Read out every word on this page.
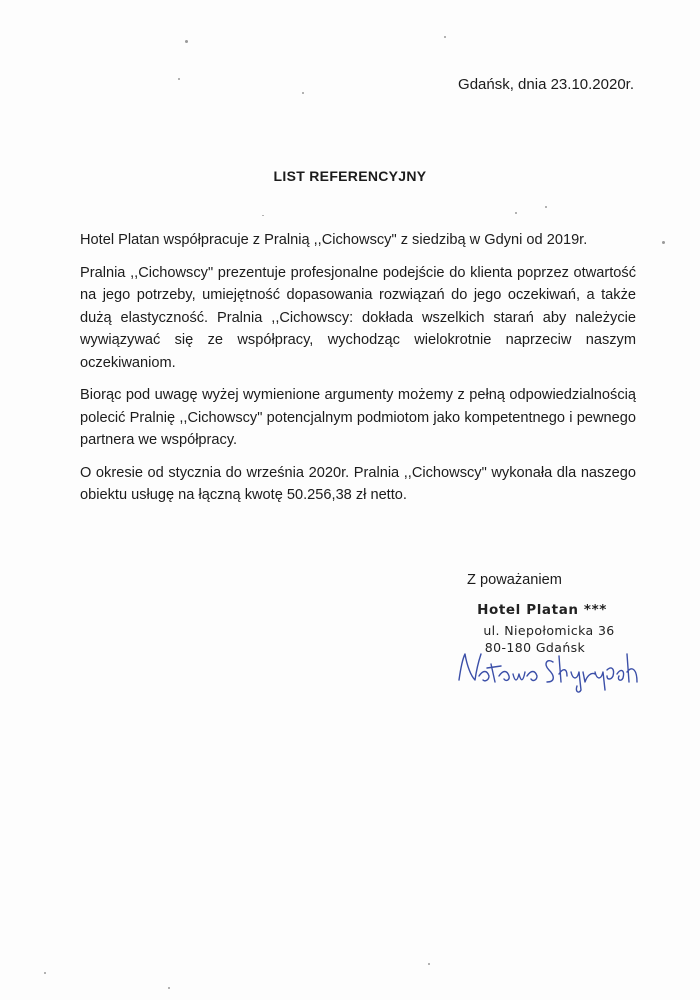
Gdańsk, dnia 23.10.2020r.
LIST REFERENCYJNY

Hotel Platan współpracuje z Pralnią ,,Cichowscy" z siedzibą w Gdyni od 2019r.

Pralnia ,,Cichowscy" prezentuje profesjonalne podejście do klienta poprzez otwartość na jego potrzeby, umiejętność dopasowania rozwiązań do jego oczekiwań, a także dużą elastyczność. Pralnia ,,Cichowscy: dokłada wszelkich starań aby należycie wywiązywać się ze współpracy, wychodząc wielokrotnie naprzeciw naszym oczekiwaniom.

Biorąc pod uwagę wyżej wymienione argumenty możemy z pełną odpowiedzialnością polecić Pralnię ,,Cichowscy" potencjalnym podmiotom jako kompetentnego i pewnego partnera we współpracy.

O okresie od stycznia do września 2020r. Pralnia ,,Cichowscy" wykonała dla naszego obiektu usługę na łączną kwotę 50.256,38 zł netto.

Z poważaniem
Hotel Platan ***
ul. Niepołomicka 36
80-180 Gdańsk
